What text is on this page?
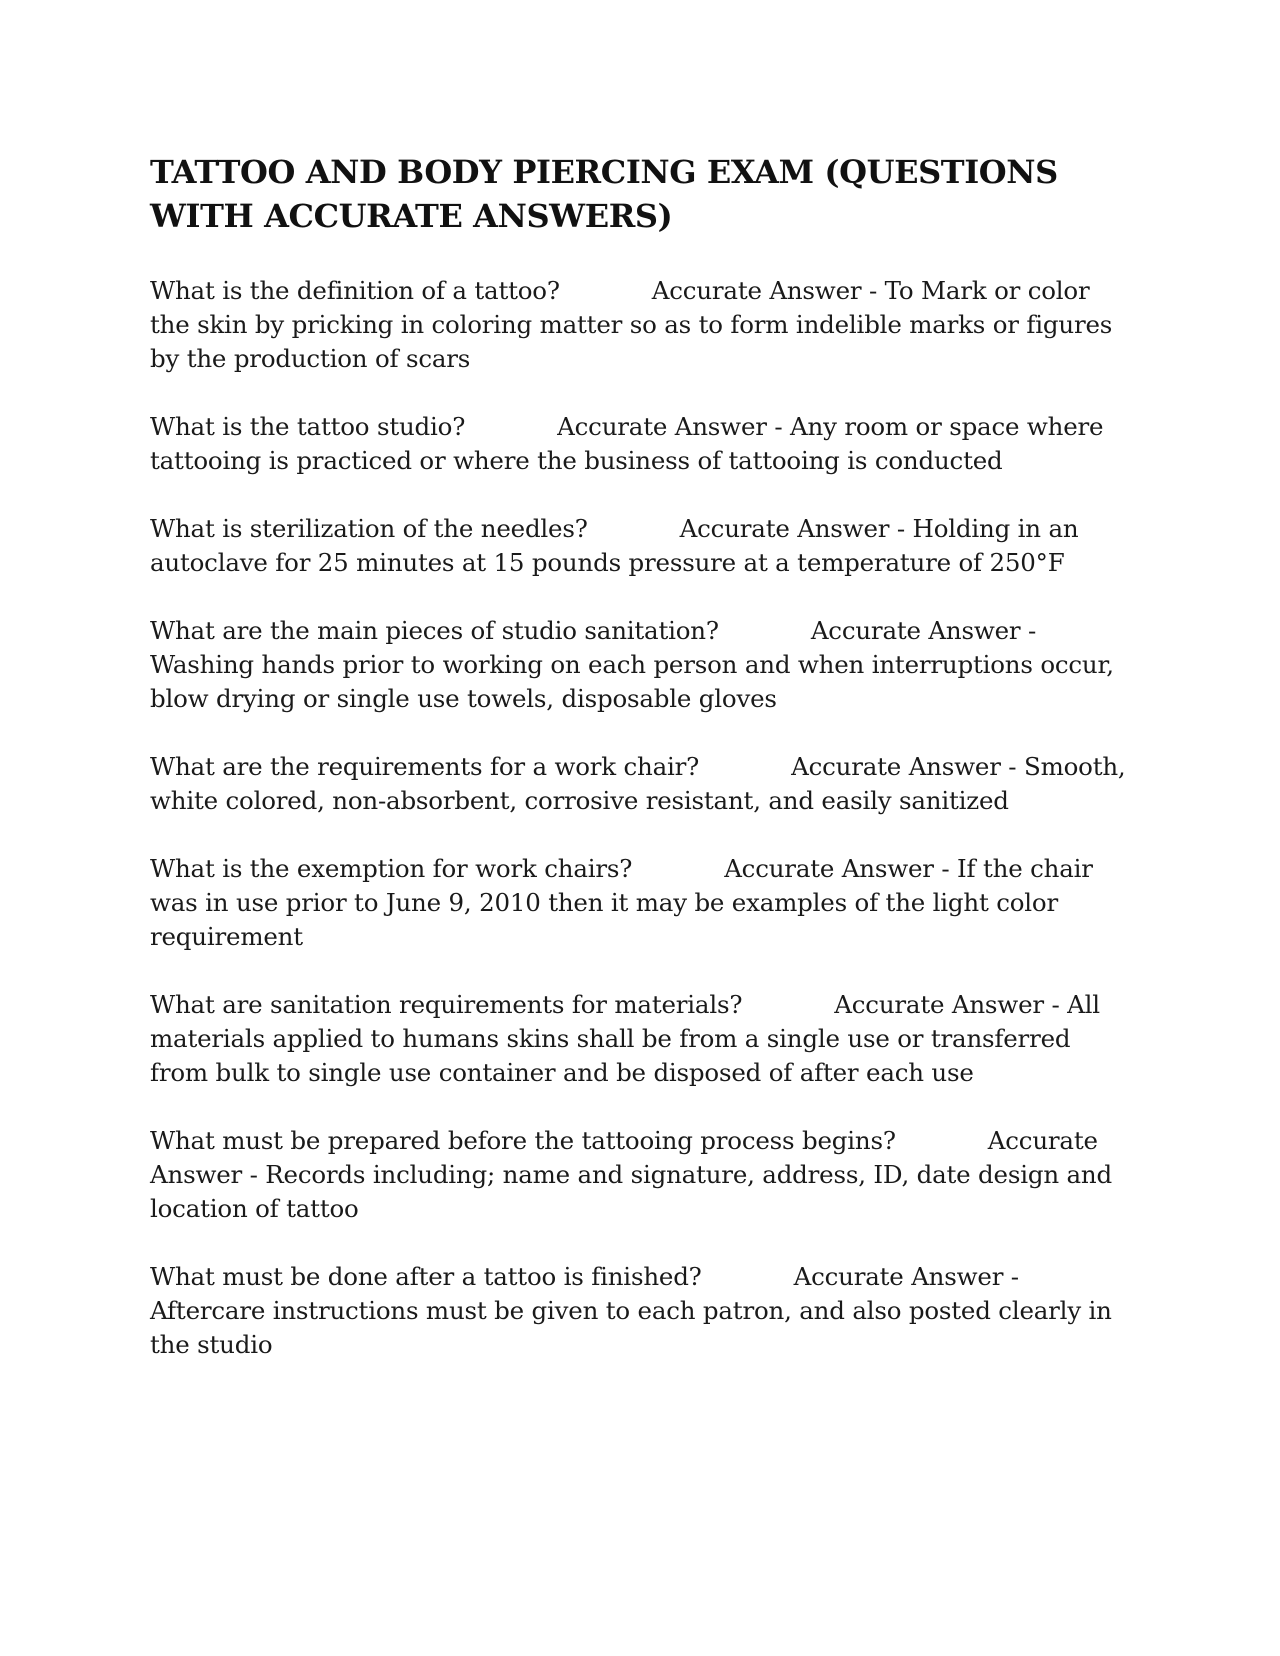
TATTOO AND BODY PIERCING EXAM (QUESTIONS WITH ACCURATE ANSWERS)

What is the definition of a tattoo?	Accurate Answer - To Mark or color the skin by pricking in coloring matter so as to form indelible marks or figures by the production of scars

What is the tattoo studio?	Accurate Answer - Any room or space where tattooing is practiced or where the business of tattooing is conducted

What is sterilization of the needles?	Accurate Answer - Holding in an autoclave for 25 minutes at 15 pounds pressure at a temperature of 250°F

What are the main pieces of studio sanitation?	Accurate Answer - Washing hands prior to working on each person and when interruptions occur, blow drying or single use towels, disposable gloves

What are the requirements for a work chair?	Accurate Answer - Smooth, white colored, non-absorbent, corrosive resistant, and easily sanitized

What is the exemption for work chairs?	Accurate Answer - If the chair was in use prior to June 9, 2010 then it may be examples of the light color requirement

What are sanitation requirements for materials?	Accurate Answer - All materials applied to humans skins shall be from a single use or transferred from bulk to single use container and be disposed of after each use

What must be prepared before the tattooing process begins?	Accurate Answer - Records including; name and signature, address, ID, date design and location of tattoo

What must be done after a tattoo is finished?	Accurate Answer - Aftercare instructions must be given to each patron, and also posted clearly in the studio
